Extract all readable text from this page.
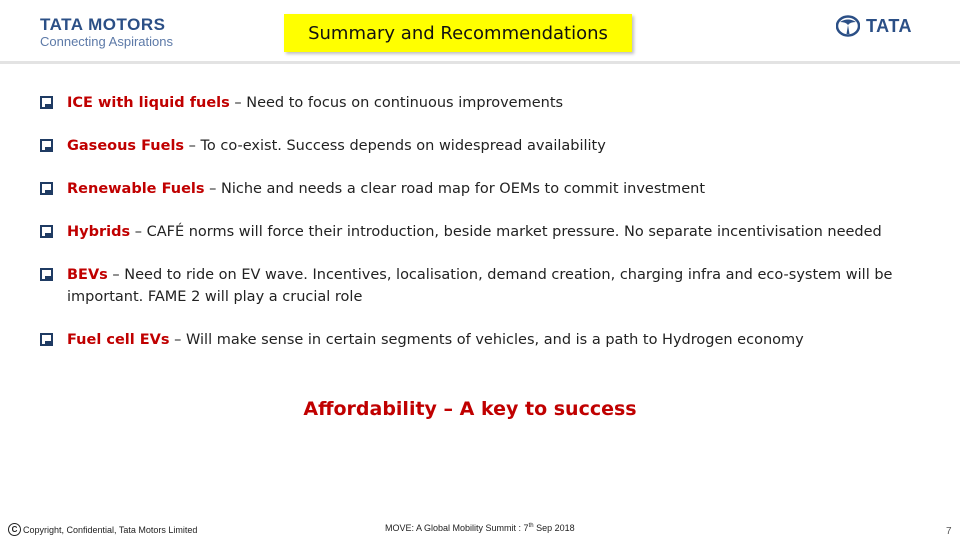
TATA MOTORS
Connecting Aspirations	Summary and Recommendations	TATA
ICE with liquid fuels – Need to focus on continuous improvements
Gaseous Fuels – To co-exist. Success depends on widespread availability
Renewable Fuels – Niche and needs a clear road map for OEMs to commit investment
Hybrids – CAFÉ norms will force their introduction, beside market pressure. No separate incentivisation needed
BEVs – Need to ride on EV wave. Incentives, localisation, demand creation, charging infra and eco-system will be important. FAME 2 will play a crucial role
Fuel cell EVs – Will make sense in certain segments of vehicles, and is a path to Hydrogen economy
Affordability – A key to success
C Copyright, Confidential, Tata Motors Limited	MOVE: A Global Mobility Summit : 7th Sep 2018	7
